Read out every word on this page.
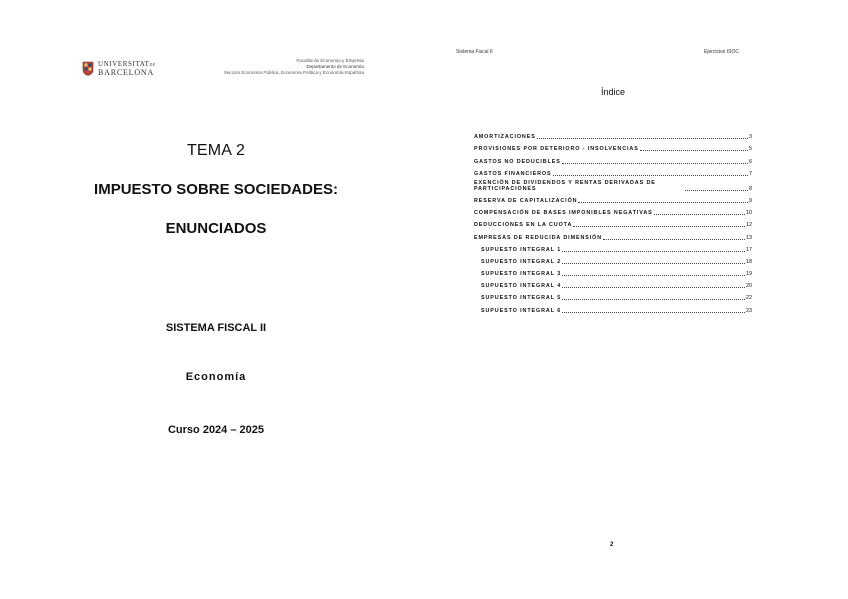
UNIVERSITATDE
BARCELONA
Facultat de Economia y Empresa
Departamento de Economía
Sección Economía Pública, Economía Política y Economía Española
TEMA 2
IMPUESTO SOBRE SOCIEDADES:
ENUNCIADOS
SISTEMA FISCAL II
Economía
Curso 2024 – 2025
Sistema Fiscal II	Ejercicios ISOC
Índice
AMORTIZACIONES	3
PROVISIONES POR DETERIORO - INSOLVENCIAS	5
GASTOS NO DEDUCIBLES	6
GASTOS FINANCIEROS	7
EXENCIÓN DE DIVIDENDOS Y RENTAS DERIVADAS DE PARTICIPACIONES	8
RESERVA DE CAPITALIZACIÓN	9
COMPENSACIÓN DE BASES IMPONIBLES NEGATIVAS	10
DEDUCCIONES EN LA CUOTA	12
EMPRESAS DE REDUCIDA DIMENSIÓN	13
SUPUESTO INTEGRAL 1	17
SUPUESTO INTEGRAL 2	18
SUPUESTO INTEGRAL 3	19
SUPUESTO INTEGRAL 4	20
SUPUESTO INTEGRAL 5	22
SUPUESTO INTEGRAL 6	23
2
